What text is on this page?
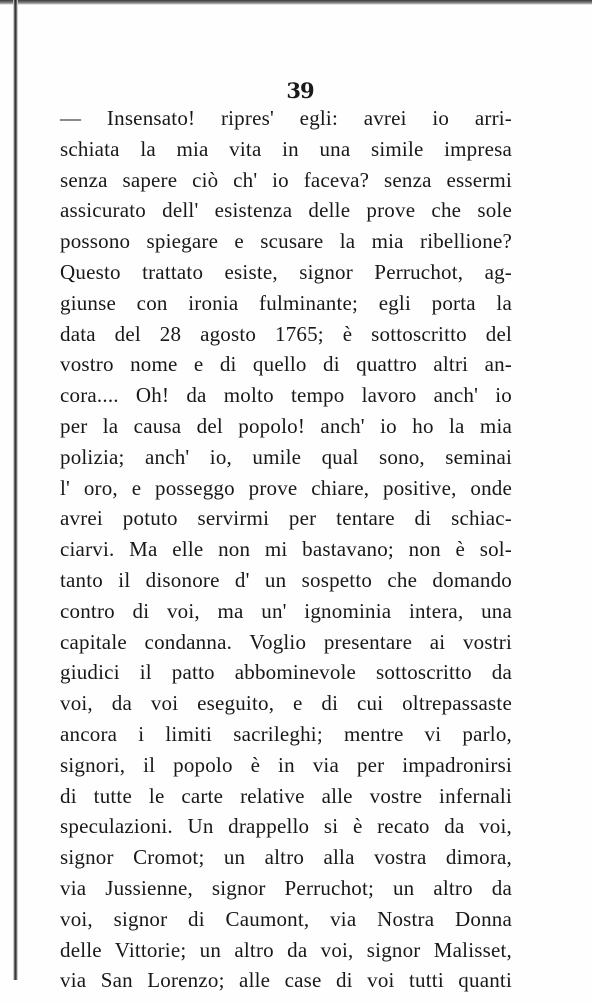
39
— Insensato! ripres' egli: avrei io arri-
schiata la mia vita in una simile impresa
senza sapere ciò ch' io faceva? senza essermi
assicurato dell' esistenza delle prove che sole
possono spiegare e scusare la mia ribellione?
Questo trattato esiste, signor Perruchot, ag-
giunse con ironia fulminante; egli porta la
data del 28 agosto 1765; è sottoscritto del
vostro nome e di quello di quattro altri an-
cora.... Oh! da molto tempo lavoro anch' io
per la causa del popolo! anch' io ho la mia
polizia; anch' io, umile qual sono, seminai
l' oro, e posseggo prove chiare, positive, onde
avrei potuto servirmi per tentare di schiac-
ciarvi. Ma elle non mi bastavano; non è sol-
tanto il disonore d' un sospetto che domando
contro di voi, ma un' ignominia intera, una
capitale condanna. Voglio presentare ai vostri
giudici il patto abbominevole sottoscritto da
voi, da voi eseguito, e di cui oltrepassaste
ancora i limiti sacrileghi; mentre vi parlo,
signori, il popolo è in via per impadronirsi
di tutte le carte relative alle vostre infernali
speculazioni. Un drappello si è recato da voi,
signor Cromot; un altro alla vostra dimora,
via Jussienne, signor Perruchot; un altro da
voi, signor di Caumont, via Nostra Donna
delle Vittorie; un altro da voi, signor Malisset,
via San Lorenzo; alle case di voi tutti quanti
